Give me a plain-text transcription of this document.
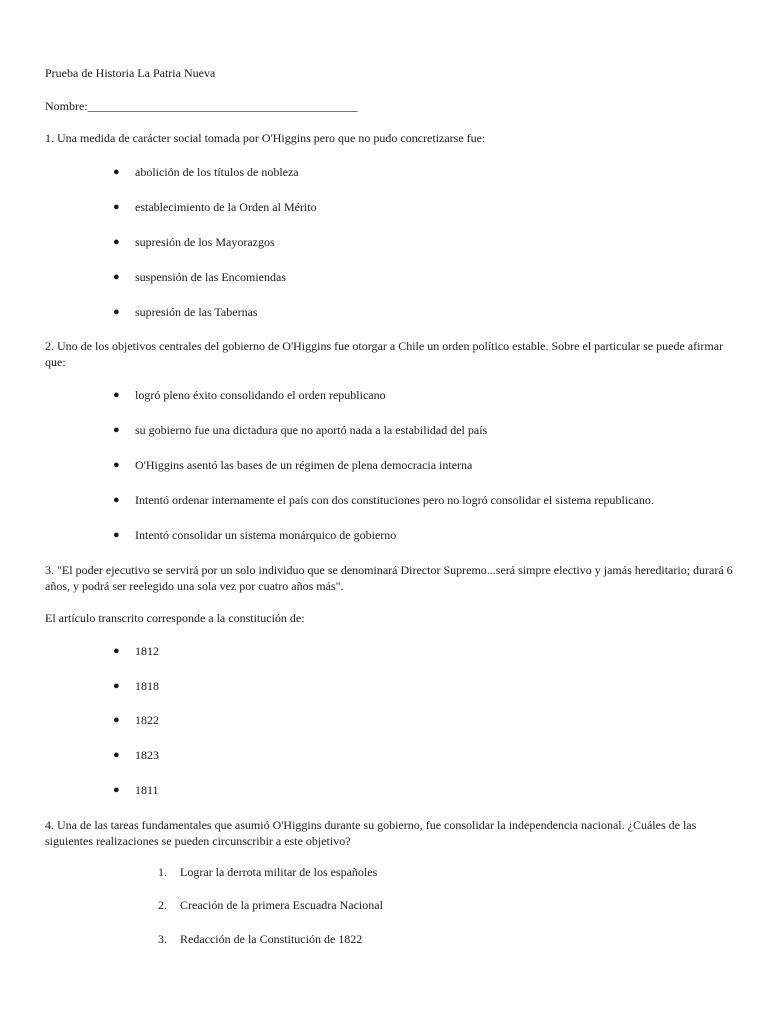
Prueba de Historia La Patria Nueva
Nombre:_____________________________________________
1. Una medida de carácter social tomada por O'Higgins pero que no pudo concretizarse fue:
● abolición de los títulos de nobleza
● establecimiento de la Orden al Mérito
● supresión de los Mayorazgos
● suspensión de las Encomiendas
● supresión de las Tabernas
2. Uno de los objetivos centrales del gobierno de O'Higgins fue otorgar a Chile un orden político estable. Sobre el particular se puede afirmar que:
● logró pleno éxito consolidando el orden republicano
● su gobierno fue una dictadura que no aportó nada a la estabilidad del país
● O'Higgins asentó las bases de un régimen de plena democracia interna
● Intentó ordenar internamente el país con dos constituciones pero no logró consolidar el sistema republicano.
● Intentó consolidar un sistema monárquico de gobierno
3. "El poder ejecutivo se servirá por un solo individuo que se denominará Director Supremo...será simpre electivo y jamás hereditario; durará 6 años, y podrá ser reelegido una sola vez por cuatro años más".
El artículo transcrito corresponde a la constitución de:
● 1812
● 1818
● 1822
● 1823
● 1811
4. Una de las tareas fundamentales que asumió O'Higgins durante su gobierno, fue consolidar la independencia nacional. ¿Cuáles de las siguientes realizaciones se pueden circunscribir a este objetivo?
1. Lograr la derrota militar de los españoles
2. Creación de la primera Escuadra Nacional
3. Redacción de la Constitución de 1822
